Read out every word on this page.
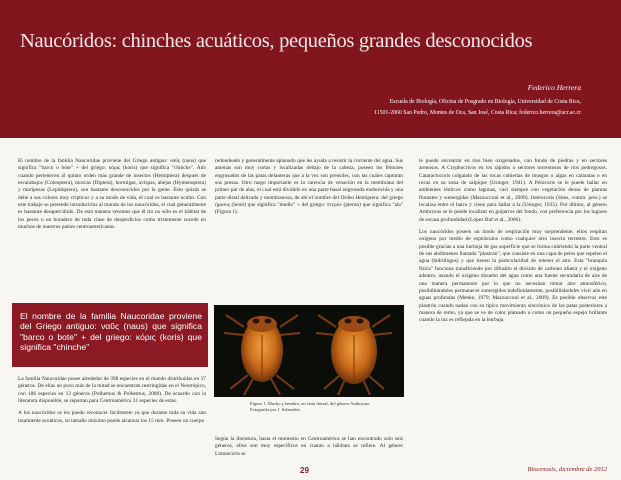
Naucóridos: chinches acuáticos, pequeños grandes desconocidos
Federico Herrera
Escuela de Biología, Oficina de Posgrado en Biología, Universidad de Costa Rica,
11501-2060 San Pedro, Montes de Oca, San José, Costa Rica; federico.herrera@ucr.ac.cr

El nombre de la familia Naucoridae proviene del Griego antiguo: ναῦς (naus) que significa "barco o bote" + del griego: κόρις (koris) que significa "chinche". Aún cuando pertenecen al quinto orden más grande de insectos (Hemiptera) después de escarabajos (Coleoptera), moscas (Diptera), hormigas, avispas, abejas (Hymenoptera) y mariposas (Lepidoptera), son bastante desconocidos por la gente. Esto quizás se debe a sus colores muy crípticos y a su modo de vida, el cual es bastante oculto. Con este trabajo se pretende introducirlos al mundo de los naucóridos, el cual generalmente es bastante desapercibido. De esta manera veremos que él rio no sólo es el hábitat de los peces o un botadero de toda clase de desperdicios como tristemente sucede en muchos de nuestros países centroamericanos.

El nombre de la familia Naucoridae proviene del Griego antiguo: ναῦς (naus) que significa "barco o bote" + del griego: κόρις (koris) que significa "chinche"

La familia Naucoridae posee alrededor de 398 especies en el mundo distribuidas en 37 géneros. De ellas un poco más de la mitad se encuentran restringidas en el Neotrópico, con 186 especies en 13 géneros (Polhemus & Polhemus, 2008). De acuerdo con la literatura disponible, se reportan para Centroamérica 31 especies de estas.

A los naucóridos se les puede reconocer fácilmente ya que durante toda su vida son totalmente acuáticos, su tamaño máximo puede alcanzar los 15 mm. Poseen un cuerpo

redondeado y generalmente aplanado que les ayuda a resistir la corriente del agua. Sus antenas son muy cortas y localizadas debajo de la cabeza, poseen los fémures engrosados de las patas delanteras que a la vez son prensiles, con las cuales capturan sus presas. Otro rasgo importante es la carencia de venación en la membrana del primer par de alas, el cual está dividido en una parte basal engrosada endurecida y una parte distal delicada y membranosa, de ahí el nombre del Orden Hemiptera: del griego ήμισυς (hemi) que significa "medio" + del griego: πτερόν (pteron) que significa "ala" (Figura 1).

Figura 1. Macho y hembra, en vista dorsal, del género Ambrysus. Fotografía por J. Schneider

Según la literatura, hasta el momento en Centroamérica se han encontrado solo seis géneros, ellos son muy específicos en cuanto a hábitats se refiere. Al género Limnocoris se

le puede encontrar en ríos bien oxigenados, con fondo de piedras y en sectores arenosos. A Cryphocricos en los rápidos o sectores torrentosos de ríos pedregosos. Cataractocoris colgando de las rocas cubiertas de musgos o algas en cataratas o en rocas en su zona de salpique (Usinger, 1941). A Pelocoris se le puede hallar en ambientes lénticos como lagunas, casi siempre con vegetación densa de plantas flotantes y sumergidas (Mazzucconi et al., 2009). Interocoris (Sites, comm. pers.) se localiza entre el barro y cieno para hallar a la (Usinger, 1935). Por último, al género Ambrysus se le puede localizar en guijarros del fondo, con preferencia por los lugares de escasa profundidad (López Ruf et al., 2006).

Los naucóridos poseen un modo de respiración muy sorprendente, ellos respiran oxígeno por medio de espiráculos como cualquier otro insecto terrestre. Esto es posible gracias a una burbuja de gas superficie que se forma cubriendo la parte ventral de sus abdómenes llamada "plastrón", que consiste en una capa de pelos que repelen el agua (hidrófugos) y que tienen la particularidad de retener el aire. Esta "branquia física" funciona transfiriendo por difusión el dióxido de carbono afuera y el oxígeno adentro, usando el oxígeno disuelto del agua como una fuente secundaria de aire de una manera permanente por lo que no necesitan tomar aire atmosférico, posibilitándoles permanecer sumergidos indefinidamente, posibilitándoles vivir aún en aguas profundas (Menke, 1979; Mazzucconi et al., 2009). Es posible observar este plastrón cuando nadan con su típico movimiento sincrónico de las patas posteriores a manera de remo, ya que se ve de color plateado o como un pequeño espejo brillante cuando la luz es reflejada en la burbuja.

29	Biocenosis, diciembre de 2012
